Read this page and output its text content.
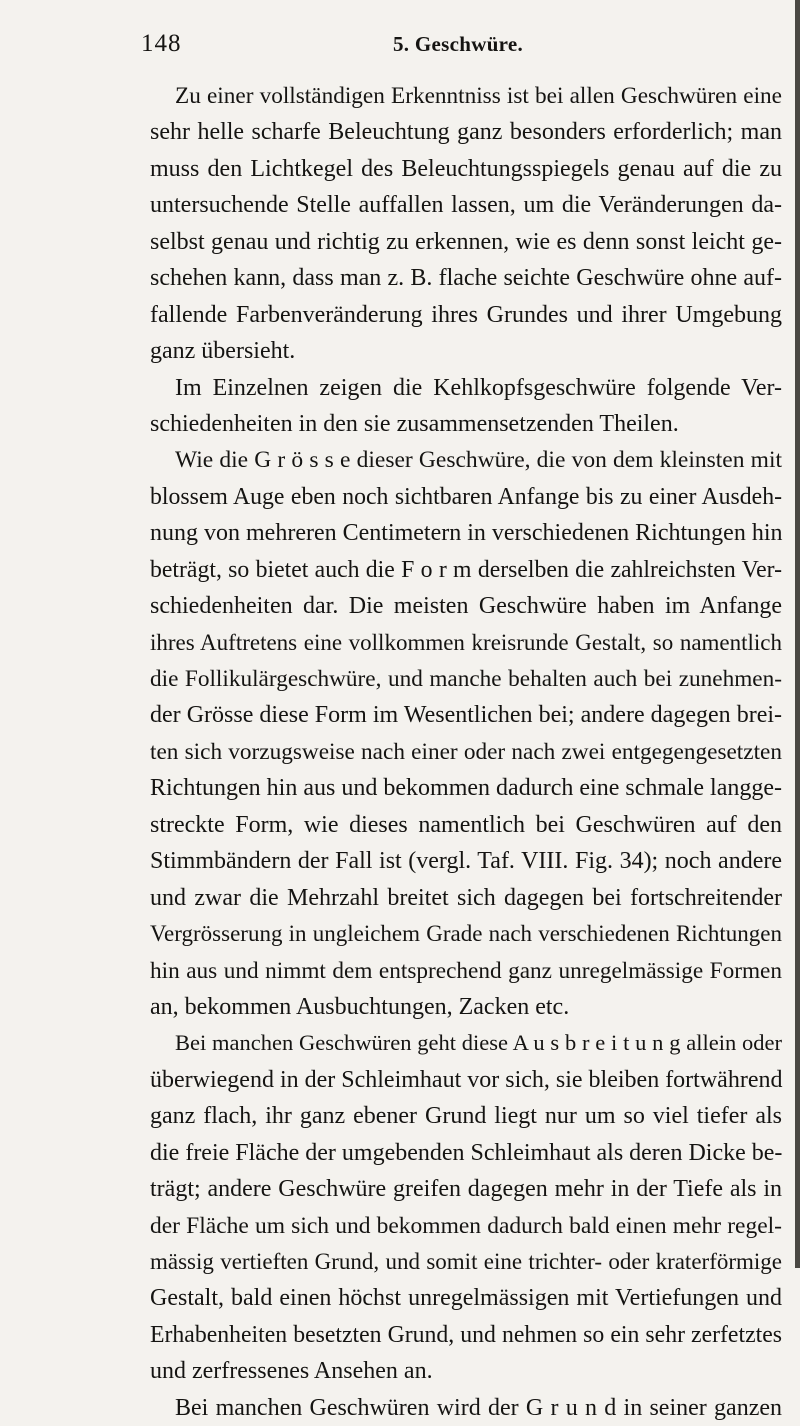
148	5. Geschwüre.
Zu einer vollständigen Erkenntniss ist bei allen Geschwüren eine
sehr helle scharfe Beleuchtung ganz besonders erforderlich; man
muss den Lichtkegel des Beleuchtungsspiegels genau auf die zu
untersuchende Stelle auffallen lassen, um die Veränderungen da-
selbst genau und richtig zu erkennen, wie es denn sonst leicht ge-
schehen kann, dass man z. B. flache seichte Geschwüre ohne auf-
fallende Farbenveränderung ihres Grundes und ihrer Umgebung
ganz übersieht.
Im Einzelnen zeigen die Kehlkopfsgeschwüre folgende Ver-
schiedenheiten in den sie zusammensetzenden Theilen.
Wie die G r ö s s e dieser Geschwüre, die von dem kleinsten mit
blossem Auge eben noch sichtbaren Anfange bis zu einer Ausdeh-
nung von mehreren Centimetern in verschiedenen Richtungen hin
beträgt, so bietet auch die F o r m derselben die zahlreichsten Ver-
schiedenheiten dar. Die meisten Geschwüre haben im Anfange
ihres Auftretens eine vollkommen kreisrunde Gestalt, so namentlich
die Follikulärgeschwüre, und manche behalten auch bei zunehmen-
der Grösse diese Form im Wesentlichen bei; andere dagegen brei-
ten sich vorzugsweise nach einer oder nach zwei entgegengesetzten
Richtungen hin aus und bekommen dadurch eine schmale langge-
streckte Form, wie dieses namentlich bei Geschwüren auf den
Stimmbändern der Fall ist (vergl. Taf. VIII. Fig. 34); noch andere
und zwar die Mehrzahl breitet sich dagegen bei fortschreitender
Vergrösserung in ungleichem Grade nach verschiedenen Richtungen
hin aus und nimmt dem entsprechend ganz unregelmässige Formen
an, bekommen Ausbuchtungen, Zacken etc.
Bei manchen Geschwüren geht diese A u s b r e i t u n g allein oder
überwiegend in der Schleimhaut vor sich, sie bleiben fortwährend
ganz flach, ihr ganz ebener Grund liegt nur um so viel tiefer als
die freie Fläche der umgebenden Schleimhaut als deren Dicke be-
trägt; andere Geschwüre greifen dagegen mehr in der Tiefe als in
der Fläche um sich und bekommen dadurch bald einen mehr regel-
mässig vertieften Grund, und somit eine trichter- oder kraterförmige
Gestalt, bald einen höchst unregelmässigen mit Vertiefungen und
Erhabenheiten besetzten Grund, und nehmen so ein sehr zerfetztes
und zerfressenes Ansehen an.
Bei manchen Geschwüren wird der G r u n d in seiner ganzen
